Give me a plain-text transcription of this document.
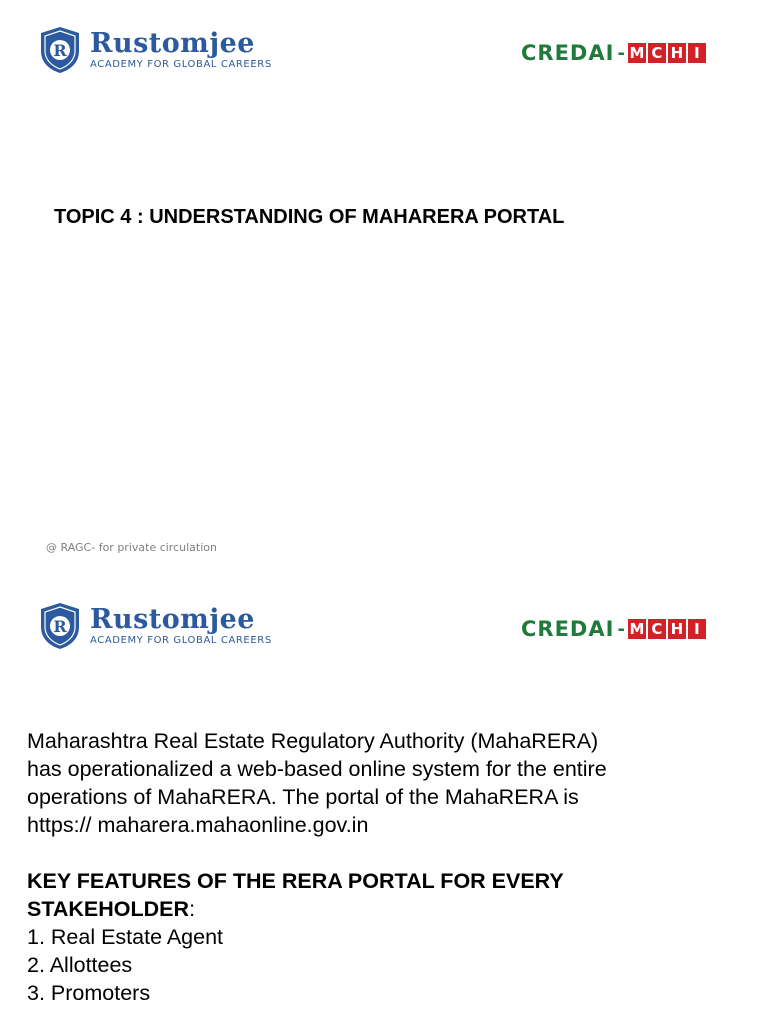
R Rustomjee
ACADEMY FOR GLOBAL CAREERS	CREDAI - M C H I
TOPIC 4 : UNDERSTANDING OF MAHARERA PORTAL
@ RAGC- for private circulation
R Rustomjee
ACADEMY FOR GLOBAL CAREERS	CREDAI - M C H I

Maharashtra Real Estate Regulatory Authority (MahaRERA)
has operationalized a web-based online system for the entire
operations of MahaRERA. The portal of the MahaRERA is
https:// maharera.mahaonline.gov.in

KEY FEATURES OF THE RERA PORTAL FOR EVERY
STAKEHOLDER:

1. Real Estate Agent
2. Allottees
3. Promoters
